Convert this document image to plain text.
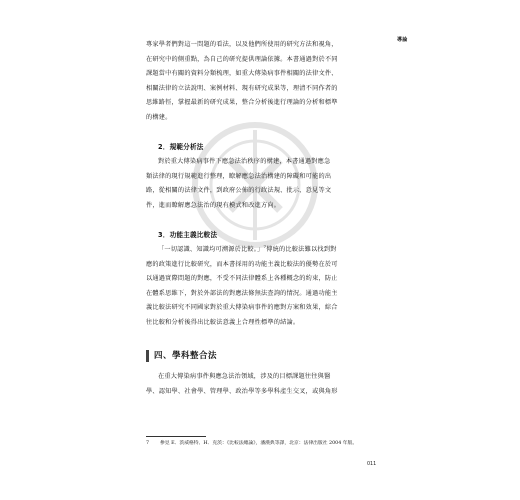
導論
專家學者們對這一問題的看法，以及他們所使用的研究方法和視角，
在研究中的側重點，為自己的研究提供理論依據。本書通過對於不同
課題當中有關的資料分類梳理，如重大傳染病事件相關的法律文件、
相關法律的立法說明、案例材料、現有研究成果等，理清不同作者的
思維路徑，掌握最新的研究成果，整合分析後進行理論的分析和標準
的構建。
2．規範分析法
對於重大傳染病事件下應急法治秩序的構建，本書通過對應急
類法律的現行規範進行整理，瞭解應急法治構建的障礙和可能的出
路，從相關的法律文件，到政府公佈的行政法規、批示、意見等文
件，進而瞭解應急法治的現有模式和改進方向。
3．功能主義比較法
「一切認識、知識均可溯源於比較。」$^7$傳統的比較法難以找到對
應的政策進行比較研究，而本書採用的功能主義比較法的優勢在於可
以通過實際問題的對應，不受不同法律體系上各種概念的約束，防止
在體系思維下，對於外部法的對應法條無法查詢的情況。通過功能主
義比較法研究不同國家對於重大傳染病事件的應對方案和效果，綜合
往比較和分析後得出比較法意義上合理性標準的結論。
四、學科整合法
在重大傳染病事件與應急法治領域，涉及的目標課題往往與醫
學、認知學、社會學、管理學、政治學等多學科產生交叉，或與角形
7 參見 E．茨威格特、H．克茨：《比較法總論》，潘漢典等譯，北京：法律出版社 2004 年版。
011
